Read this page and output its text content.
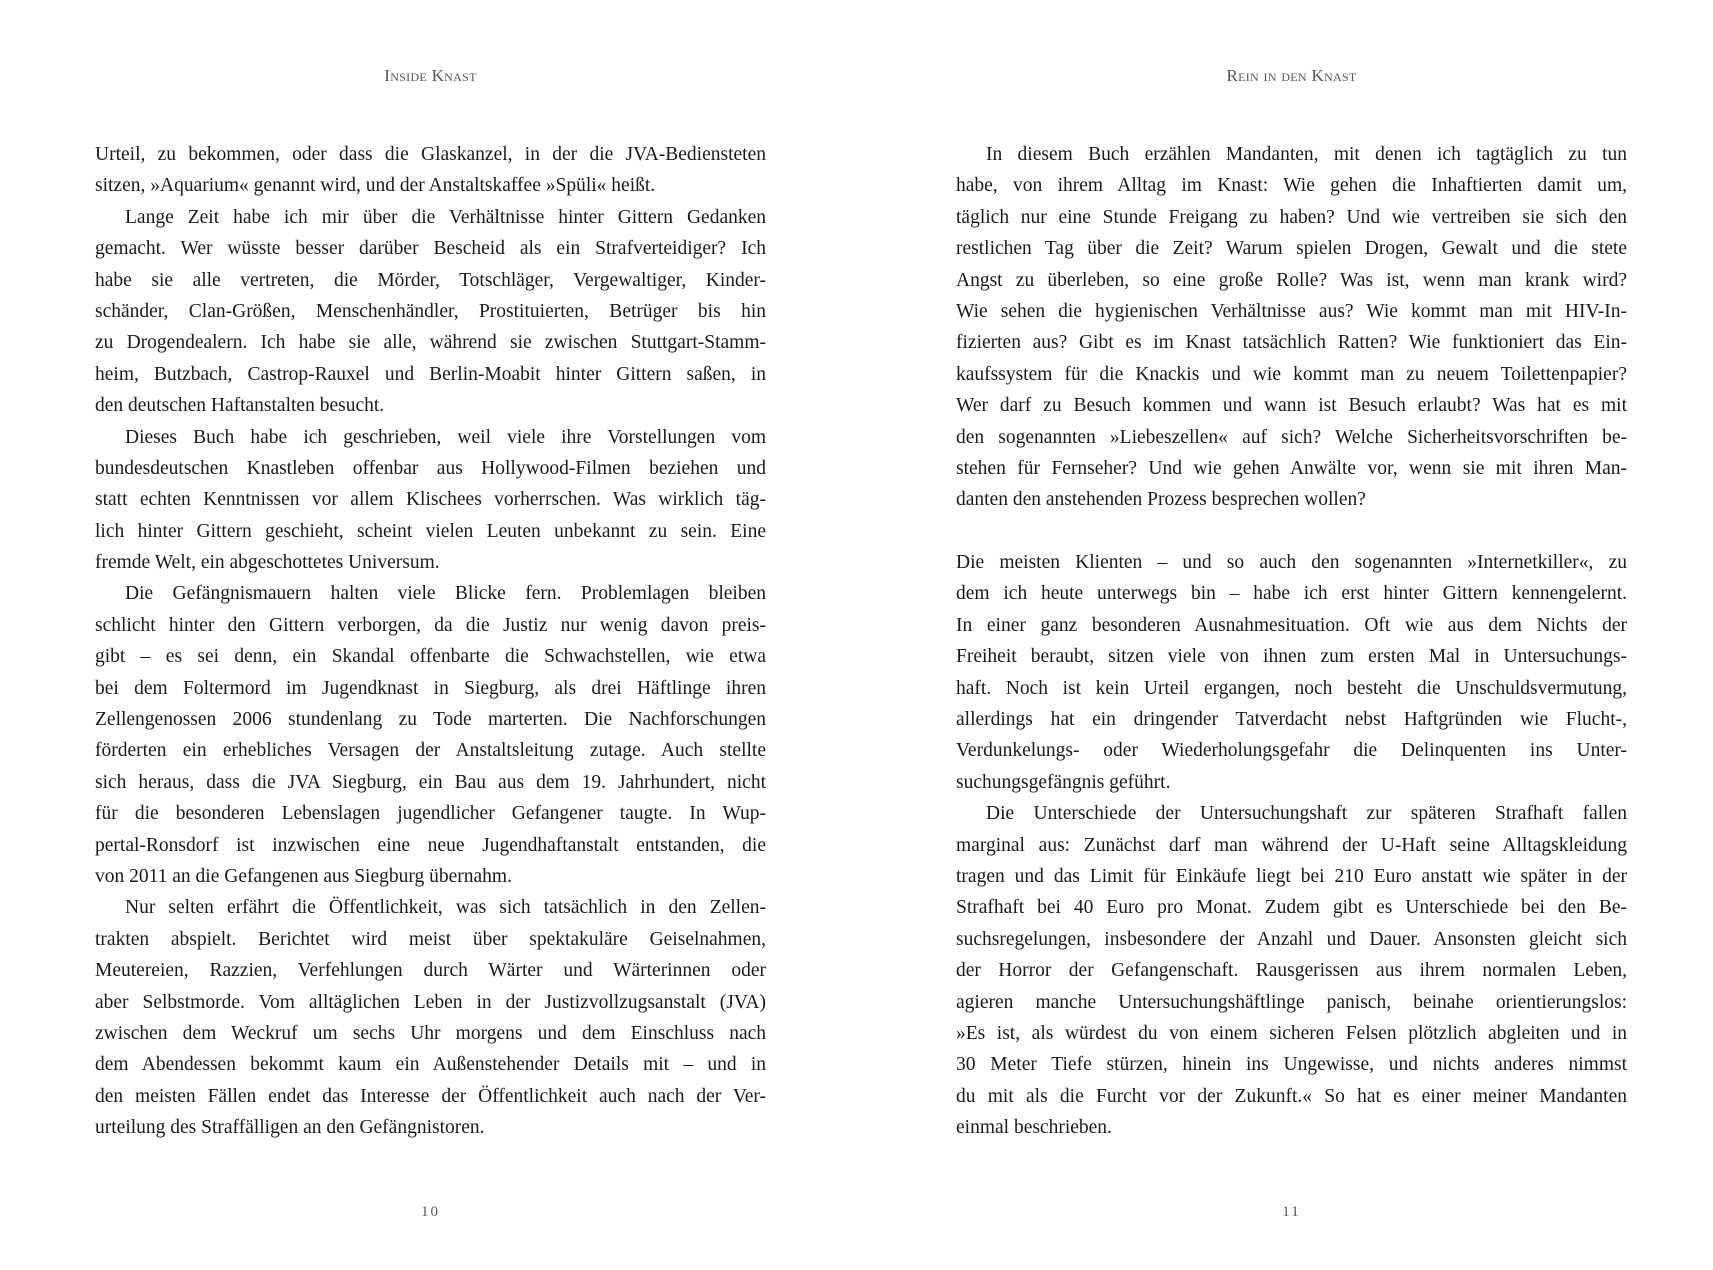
Inside Knast
Urteil, zu bekommen, oder dass die Glaskanzel, in der die JVA-Bediensteten
sitzen, »Aquarium« genannt wird, und der Anstaltskaffee »Spüli« heißt.
Lange Zeit habe ich mir über die Verhältnisse hinter Gittern Gedanken
gemacht. Wer wüsste besser darüber Bescheid als ein Strafverteidiger? Ich
habe sie alle vertreten, die Mörder, Totschläger, Vergewaltiger, Kinder-
schänder, Clan-Größen, Menschenhändler, Prostituierten, Betrüger bis hin
zu Drogendealern. Ich habe sie alle, während sie zwischen Stuttgart-Stamm-
heim, Butzbach, Castrop-Rauxel und Berlin-Moabit hinter Gittern saßen, in
den deutschen Haftanstalten besucht.
Dieses Buch habe ich geschrieben, weil viele ihre Vorstellungen vom
bundesdeutschen Knastleben offenbar aus Hollywood-Filmen beziehen und
statt echten Kenntnissen vor allem Klischees vorherrschen. Was wirklich täg-
lich hinter Gittern geschieht, scheint vielen Leuten unbekannt zu sein. Eine
fremde Welt, ein abgeschottetes Universum.
Die Gefängnismauern halten viele Blicke fern. Problemlagen bleiben
schlicht hinter den Gittern verborgen, da die Justiz nur wenig davon preis-
gibt – es sei denn, ein Skandal offenbarte die Schwachstellen, wie etwa
bei dem Foltermord im Jugendknast in Siegburg, als drei Häftlinge ihren
Zellengenossen 2006 stundenlang zu Tode marterten. Die Nachforschungen
förderten ein erhebliches Versagen der Anstaltsleitung zutage. Auch stellte
sich heraus, dass die JVA Siegburg, ein Bau aus dem 19. Jahrhundert, nicht
für die besonderen Lebenslagen jugendlicher Gefangener taugte. In Wup-
pertal-Ronsdorf ist inzwischen eine neue Jugendhaftanstalt entstanden, die
von 2011 an die Gefangenen aus Siegburg übernahm.
Nur selten erfährt die Öffentlichkeit, was sich tatsächlich in den Zellen-
trakten abspielt. Berichtet wird meist über spektakuläre Geiselnahmen,
Meutereien, Razzien, Verfehlungen durch Wärter und Wärterinnen oder
aber Selbstmorde. Vom alltäglichen Leben in der Justizvollzugsanstalt (JVA)
zwischen dem Weckruf um sechs Uhr morgens und dem Einschluss nach
dem Abendessen bekommt kaum ein Außenstehender Details mit – und in
den meisten Fällen endet das Interesse der Öffentlichkeit auch nach der Ver-
urteilung des Straffälligen an den Gefängnistoren.
10
Rein in den Knast
In diesem Buch erzählen Mandanten, mit denen ich tagtäglich zu tun
habe, von ihrem Alltag im Knast: Wie gehen die Inhaftierten damit um,
täglich nur eine Stunde Freigang zu haben? Und wie vertreiben sie sich den
restlichen Tag über die Zeit? Warum spielen Drogen, Gewalt und die stete
Angst zu überleben, so eine große Rolle? Was ist, wenn man krank wird?
Wie sehen die hygienischen Verhältnisse aus? Wie kommt man mit HIV-In-
fizierten aus? Gibt es im Knast tatsächlich Ratten? Wie funktioniert das Ein-
kaufssystem für die Knackis und wie kommt man zu neuem Toilettenpapier?
Wer darf zu Besuch kommen und wann ist Besuch erlaubt? Was hat es mit
den sogenannten »Liebeszellen« auf sich? Welche Sicherheitsvorschriften be-
stehen für Fernseher? Und wie gehen Anwälte vor, wenn sie mit ihren Man-
danten den anstehenden Prozess besprechen wollen?
Die meisten Klienten – und so auch den sogenannten »Internetkiller«, zu
dem ich heute unterwegs bin – habe ich erst hinter Gittern kennengelernt.
In einer ganz besonderen Ausnahmesituation. Oft wie aus dem Nichts der
Freiheit beraubt, sitzen viele von ihnen zum ersten Mal in Untersuchungs-
haft. Noch ist kein Urteil ergangen, noch besteht die Unschuldsvermutung,
allerdings hat ein dringender Tatverdacht nebst Haftgründen wie Flucht-,
Verdunkelungs- oder Wiederholungsgefahr die Delinquenten ins Unter-
suchungsgefängnis geführt.
Die Unterschiede der Untersuchungshaft zur späteren Strafhaft fallen
marginal aus: Zunächst darf man während der U-Haft seine Alltagskleidung
tragen und das Limit für Einkäufe liegt bei 210 Euro anstatt wie später in der
Strafhaft bei 40 Euro pro Monat. Zudem gibt es Unterschiede bei den Be-
suchsregelungen, insbesondere der Anzahl und Dauer. Ansonsten gleicht sich
der Horror der Gefangenschaft. Rausgerissen aus ihrem normalen Leben,
agieren manche Untersuchungshäftlinge panisch, beinahe orientierungslos:
»Es ist, als würdest du von einem sicheren Felsen plötzlich abgleiten und in
30 Meter Tiefe stürzen, hinein ins Ungewisse, und nichts anderes nimmst
du mit als die Furcht vor der Zukunft.« So hat es einer meiner Mandanten
einmal beschrieben.
11
